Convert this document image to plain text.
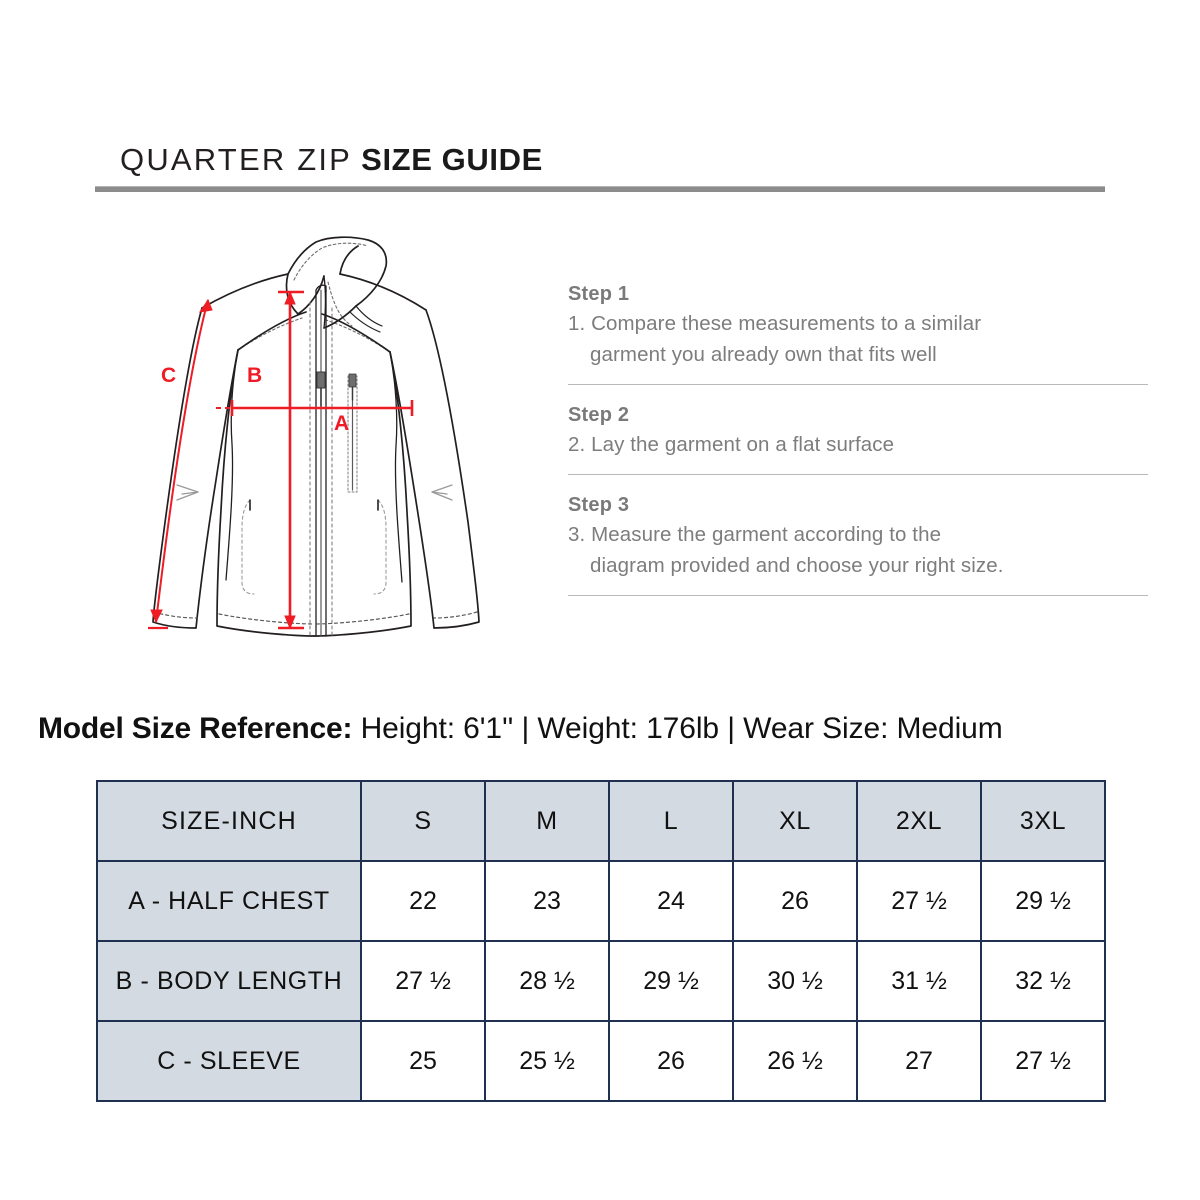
QUARTER ZIP SIZE GUIDE
C	B
A
Step 1
1. Compare these measurements to a similar
garment you already own that fits well
Step 2
2. Lay the garment on a flat surface
Step 3
3. Measure the garment according to the
diagram provided and choose your right size.
Model Size Reference: Height: 6'1'' | Weight: 176lb | Wear Size: Medium
SIZE-INCH	S	M	L	XL	2XL	3XL
A - HALF CHEST	22	23	24	26	27 ½	29 ½
B - BODY LENGTH	27 ½	28 ½	29 ½	30 ½	31 ½	32 ½
C - SLEEVE	25	25 ½	26	26 ½	27	27 ½
